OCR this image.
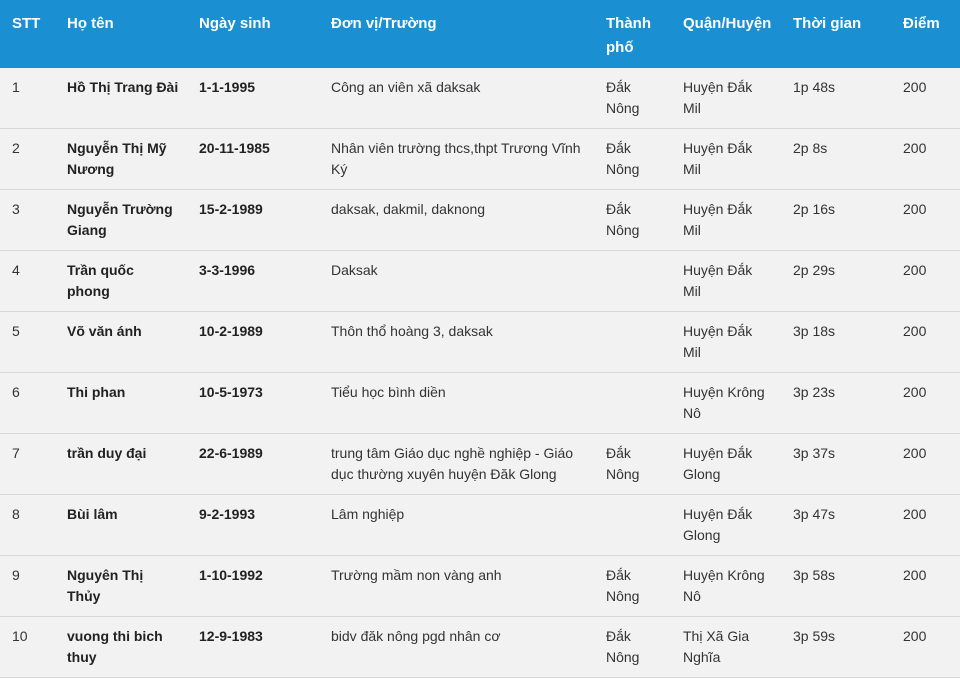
STT	Họ tên	Ngày sinh	Đơn vị/Trường	Thành phố	Quận/Huyện	Thời gian	Điểm
1	Hồ Thị Trang Đài	1-1-1995	Công an viên xã daksak	Đắk Nông	Huyện Đắk Mil	1p 48s	200
2	Nguyễn Thị Mỹ Nương	20-11-1985	Nhân viên trường thcs,thpt Trương Vĩnh Ký	Đắk Nông	Huyện Đắk Mil	2p 8s	200
3	Nguyễn Trường Giang	15-2-1989	daksak, dakmil, daknong	Đắk Nông	Huyện Đắk Mil	2p 16s	200
4	Trần quốc phong	3-3-1996	Daksak		Huyện Đắk Mil	2p 29s	200
5	Võ văn ánh	10-2-1989	Thôn thổ hoàng 3, daksak		Huyện Đắk Mil	3p 18s	200
6	Thi phan	10-5-1973	Tiểu học bình diền		Huyện Krông Nô	3p 23s	200
7	trần duy đại	22-6-1989	trung tâm Giáo dục nghề nghiệp - Giáo dục thường xuyên huyện Đăk Glong	Đắk Nông	Huyện Đắk Glong	3p 37s	200
8	Bùi lâm	9-2-1993	Lâm nghiệp		Huyện Đắk Glong	3p 47s	200
9	Nguyên Thị Thủy	1-10-1992	Trường mầm non vàng anh	Đắk Nông	Huyện Krông Nô	3p 58s	200
10	vuong thi bich thuy	12-9-1983	bidv đăk nông pgd nhân cơ	Đắk Nông	Thị Xã Gia Nghĩa	3p 59s	200
